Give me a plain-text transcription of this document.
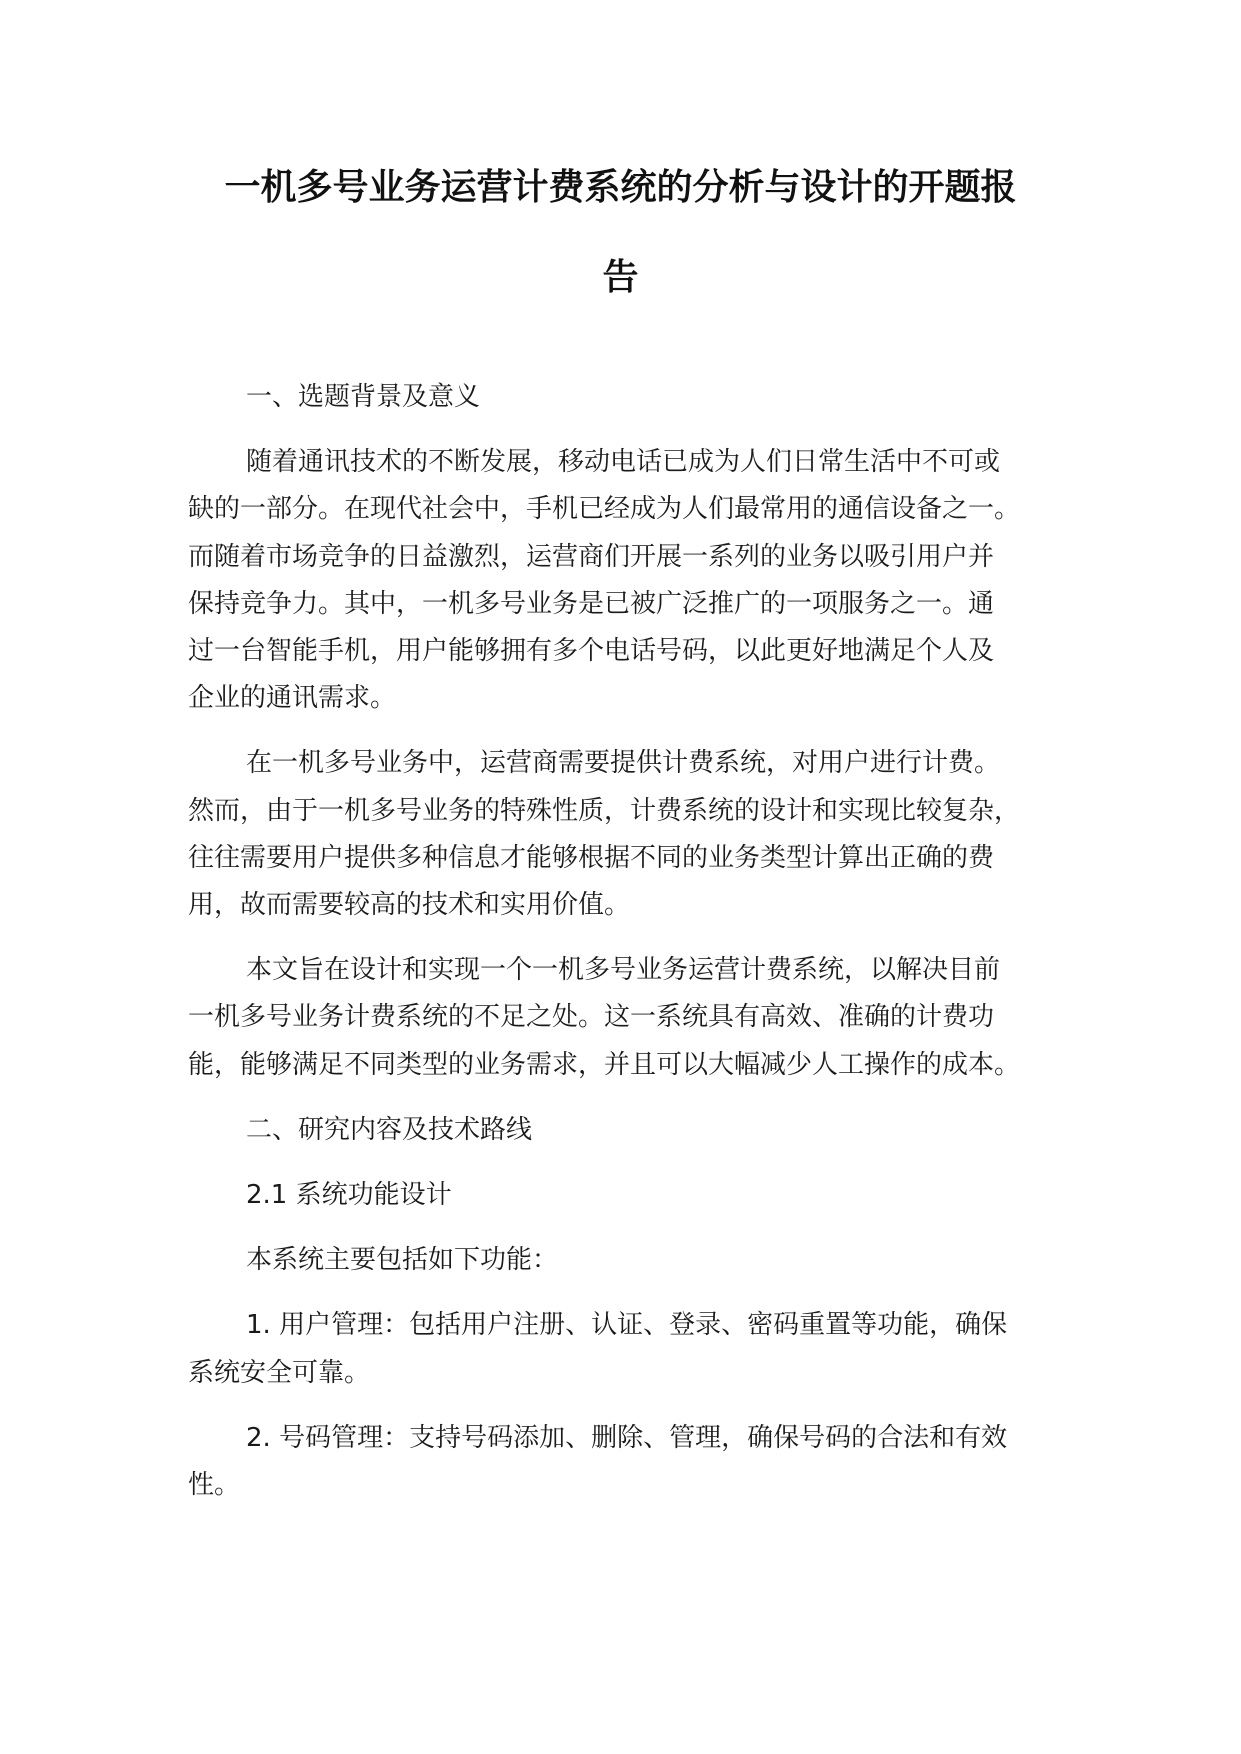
一机多号业务运营计费系统的分析与设计的开题报
告
一、选题背景及意义
随着通讯技术的不断发展，移动电话已成为人们日常生活中不可或
缺的一部分。在现代社会中，手机已经成为人们最常用的通信设备之一。
而随着市场竞争的日益激烈，运营商们开展一系列的业务以吸引用户并
保持竞争力。其中，一机多号业务是已被广泛推广的一项服务之一。通
过一台智能手机，用户能够拥有多个电话号码，以此更好地满足个人及
企业的通讯需求。
在一机多号业务中，运营商需要提供计费系统，对用户进行计费。
然而，由于一机多号业务的特殊性质，计费系统的设计和实现比较复杂，
往往需要用户提供多种信息才能够根据不同的业务类型计算出正确的费
用，故而需要较高的技术和实用价值。
本文旨在设计和实现一个一机多号业务运营计费系统，以解决目前
一机多号业务计费系统的不足之处。这一系统具有高效、准确的计费功
能，能够满足不同类型的业务需求，并且可以大幅减少人工操作的成本。
二、研究内容及技术路线
2.1 系统功能设计
本系统主要包括如下功能：
1. 用户管理：包括用户注册、认证、登录、密码重置等功能，确保
系统安全可靠。
2. 号码管理：支持号码添加、删除、管理，确保号码的合法和有效
性。
